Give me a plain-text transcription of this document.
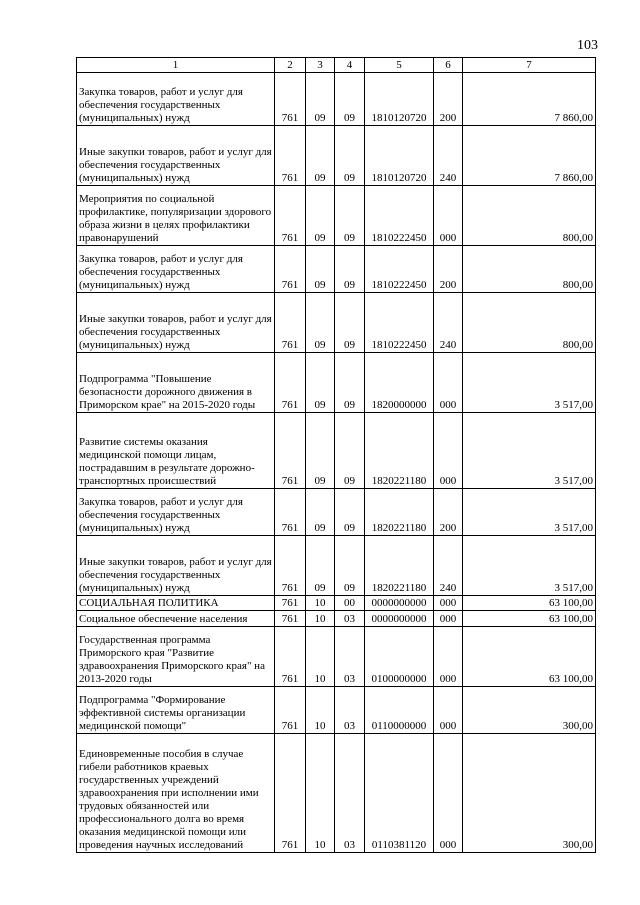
103
1	2	3	4	5	6	7
Закупка товаров, работ и услуг для обеспечения государственных (муниципальных) нужд	761	09	09	1810120720	200	7 860,00
Иные закупки товаров, работ и услуг для обеспечения государственных (муниципальных) нужд	761	09	09	1810120720	240	7 860,00
Мероприятия по социальной профилактике, популяризации здорового образа жизни в целях профилактики правонарушений	761	09	09	1810222450	000	800,00
Закупка товаров, работ и услуг для обеспечения государственных (муниципальных) нужд	761	09	09	1810222450	200	800,00
Иные закупки товаров, работ и услуг для обеспечения государственных (муниципальных) нужд	761	09	09	1810222450	240	800,00
Подпрограмма "Повышение безопасности дорожного движения в Приморском крае" на 2015-2020 годы	761	09	09	1820000000	000	3 517,00
Развитие системы оказания медицинской помощи лицам, пострадавшим в результате дорожно-транспортных происшествий	761	09	09	1820221180	000	3 517,00
Закупка товаров, работ и услуг для обеспечения государственных (муниципальных) нужд	761	09	09	1820221180	200	3 517,00
Иные закупки товаров, работ и услуг для обеспечения государственных (муниципальных) нужд	761	09	09	1820221180	240	3 517,00
СОЦИАЛЬНАЯ ПОЛИТИКА	761	10	00	0000000000	000	63 100,00
Социальное обеспечение населения	761	10	03	0000000000	000	63 100,00
Государственная программа Приморского края "Развитие здравоохранения Приморского края" на 2013-2020 годы	761	10	03	0100000000	000	63 100,00
Подпрограмма "Формирование эффективной системы организации медицинской помощи"	761	10	03	0110000000	000	300,00
Единовременные пособия в случае гибели работников краевых государственных учреждений здравоохранения при исполнении ими трудовых обязанностей или профессионального долга во время оказания медицинской помощи или проведения научных исследований	761	10	03	0110381120	000	300,00
